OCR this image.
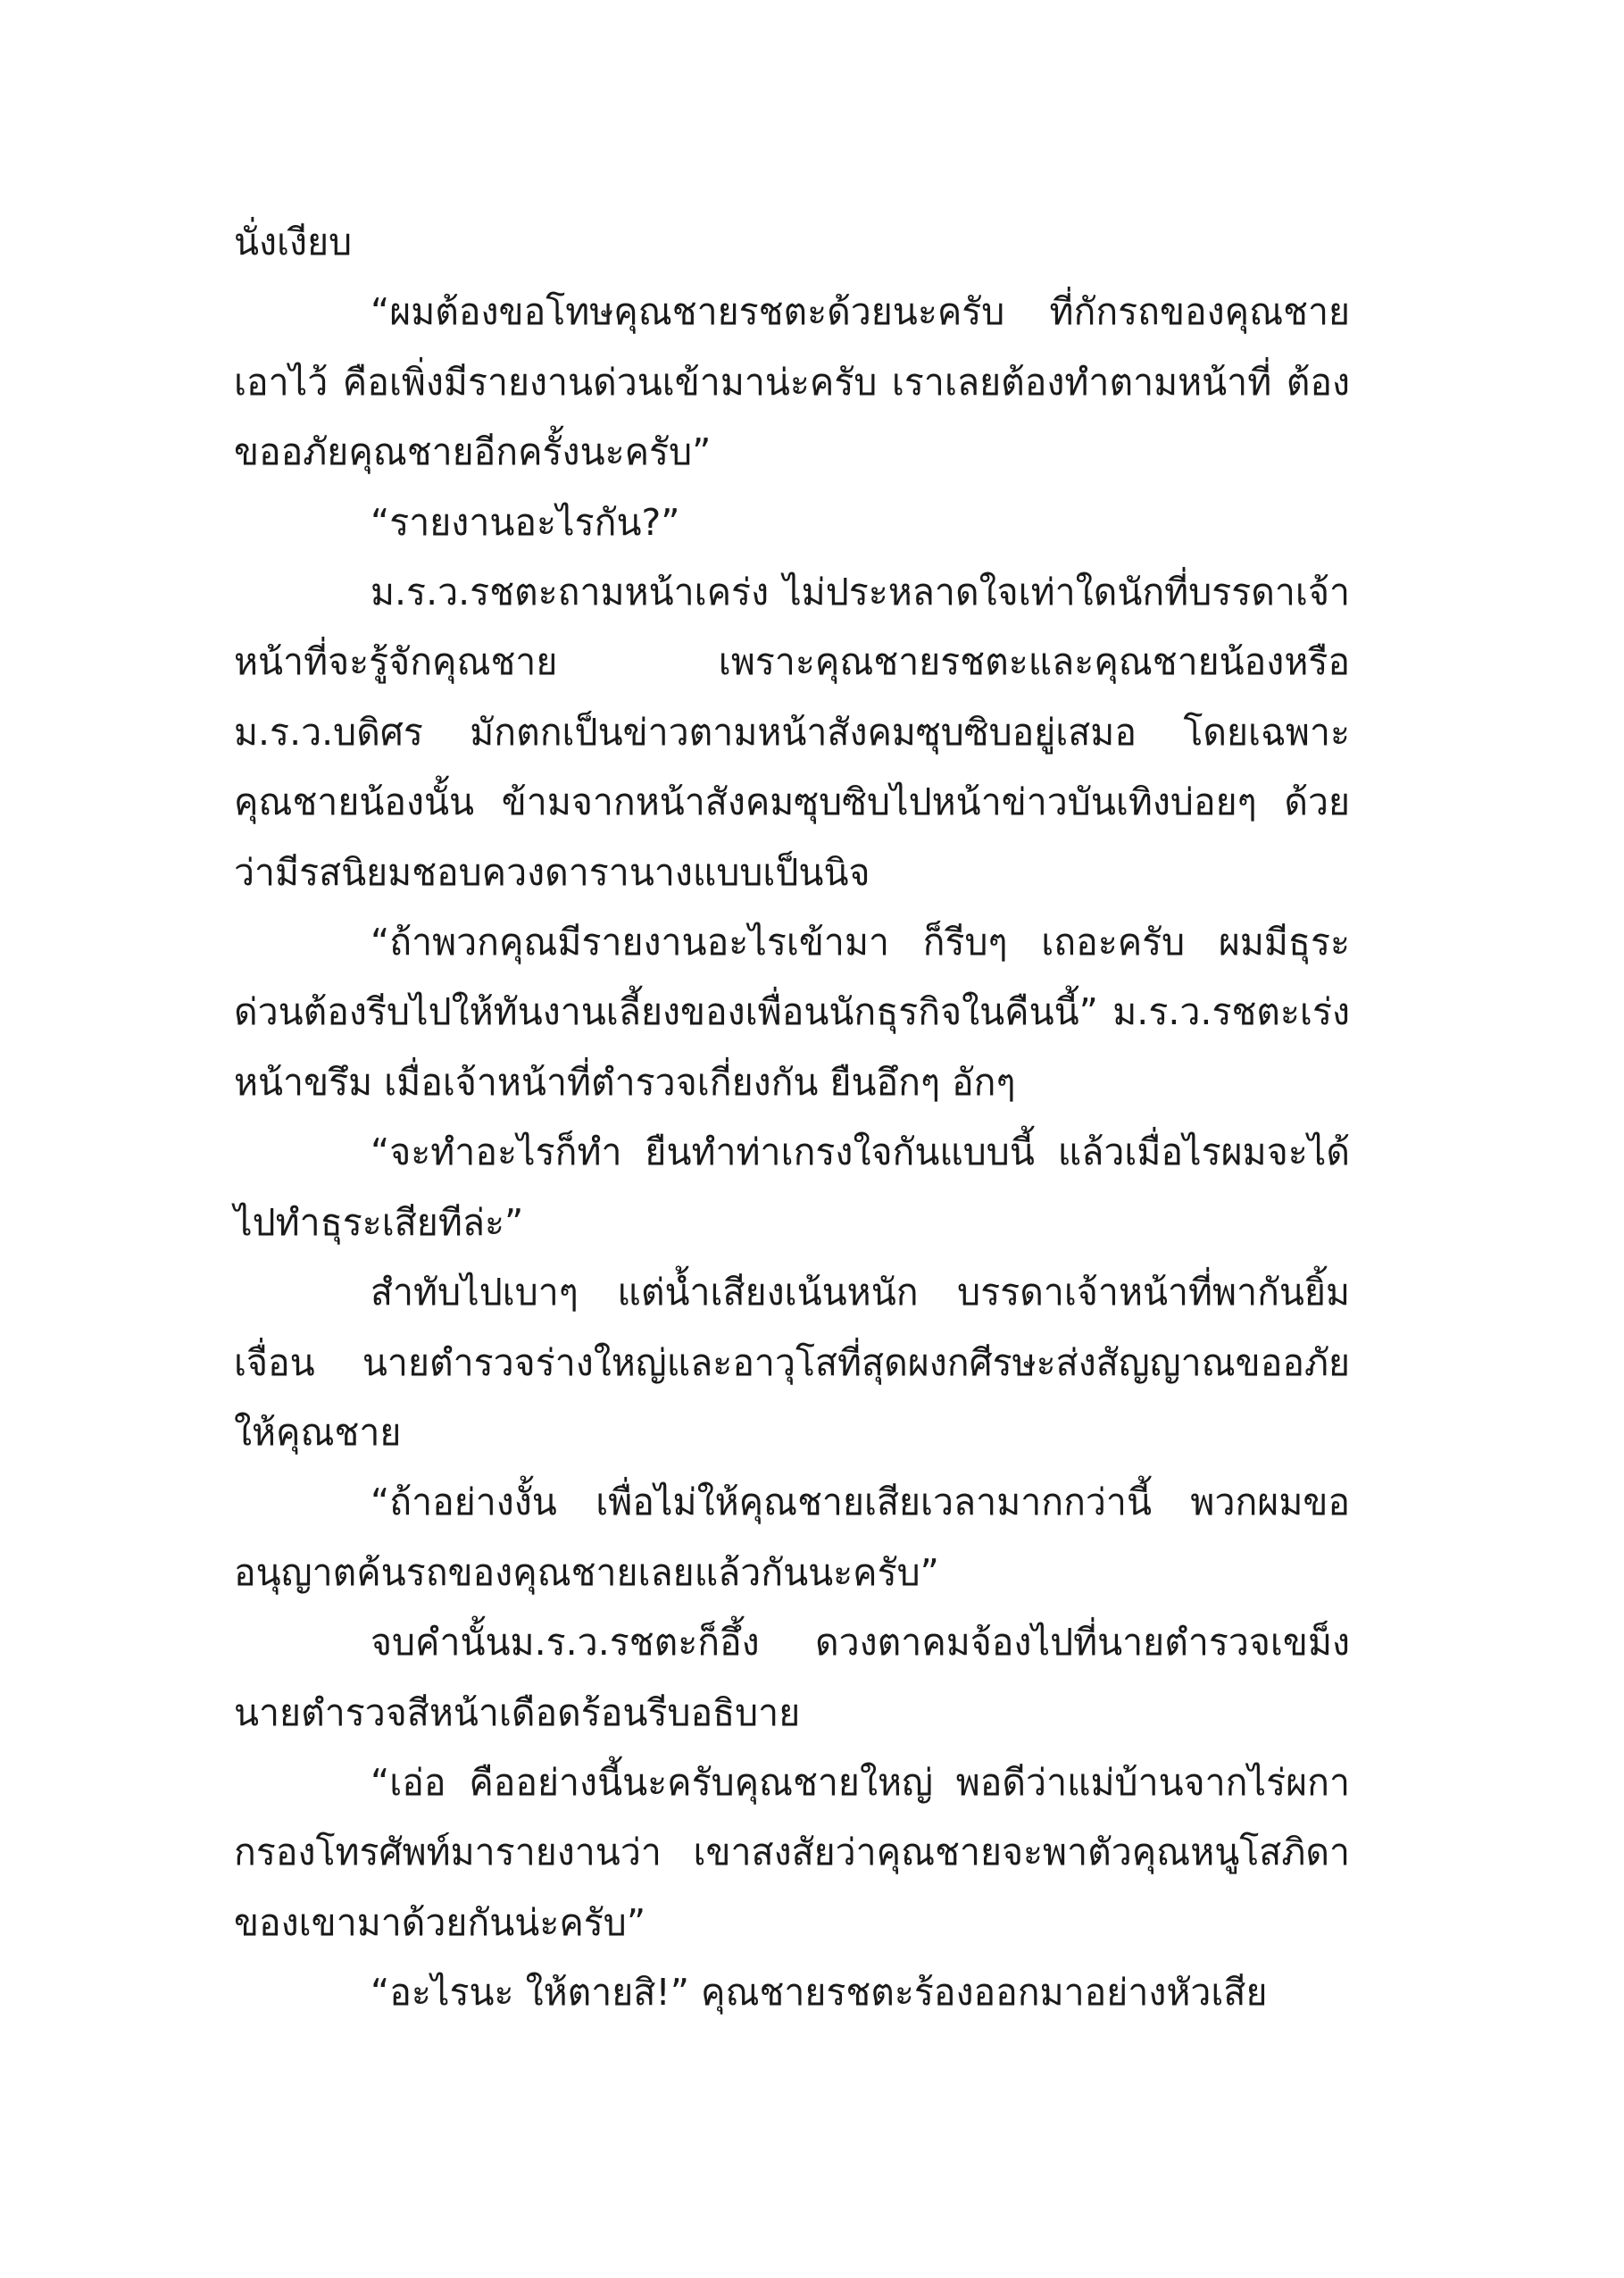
นั่งเงียบ

“ผมต้องขอโทษคุณชายรชตะด้วยนะครับ ที่กักรถของคุณชายเอาไว้ คือเพิ่งมีรายงานด่วนเข้ามาน่ะครับ เราเลยต้องทำตามหน้าที่ ต้องขออภัยคุณชายอีกครั้งนะครับ”

“รายงานอะไรกัน?”

ม.ร.ว.รชตะถามหน้าเคร่ง ไม่ประหลาดใจเท่าใดนักที่บรรดาเจ้าหน้าที่จะรู้จักคุณชาย เพราะคุณชายรชตะและคุณชายน้องหรือ ม.ร.ว.บดิศร มักตกเป็นข่าวตามหน้าสังคมซุบซิบอยู่เสมอ โดยเฉพาะคุณชายน้องนั้น ข้ามจากหน้าสังคมซุบซิบไปหน้าข่าวบันเทิงบ่อยๆ ด้วยว่ามีรสนิยมชอบควงดารานางแบบเป็นนิจ

“ถ้าพวกคุณมีรายงานอะไรเข้ามา ก็รีบๆ เถอะครับ ผมมีธุระด่วนต้องรีบไปให้ทันงานเลี้ยงของเพื่อนนักธุรกิจในคืนนี้” ม.ร.ว.รชตะเร่งหน้าขรึม เมื่อเจ้าหน้าที่ตำรวจเกี่ยงกัน ยืนอึกๆ อักๆ

“จะทำอะไรก็ทำ ยืนทำท่าเกรงใจกันแบบนี้ แล้วเมื่อไรผมจะได้ไปทำธุระเสียทีล่ะ”

สำทับไปเบาๆ แต่น้ำเสียงเน้นหนัก บรรดาเจ้าหน้าที่พากันยิ้มเจื่อน นายตำรวจร่างใหญ่และอาวุโสที่สุดผงกศีรษะส่งสัญญาณขออภัยให้คุณชาย

“ถ้าอย่างงั้น เพื่อไม่ให้คุณชายเสียเวลามากกว่านี้ พวกผมขออนุญาตค้นรถของคุณชายเลยแล้วกันนะครับ”

จบคำนั้นม.ร.ว.รชตะก็อึ้ง ดวงตาคมจ้องไปที่นายตำรวจเขม็งนายตำรวจสีหน้าเดือดร้อนรีบอธิบาย

“เอ่อ คืออย่างนี้นะครับคุณชายใหญ่ พอดีว่าแม่บ้านจากไร่ผกากรองโทรศัพท์มารายงานว่า เขาสงสัยว่าคุณชายจะพาตัวคุณหนูโสภิดาของเขามาด้วยกันน่ะครับ”

“อะไรนะ ให้ตายสิ!” คุณชายรชตะร้องออกมาอย่างหัวเสีย
